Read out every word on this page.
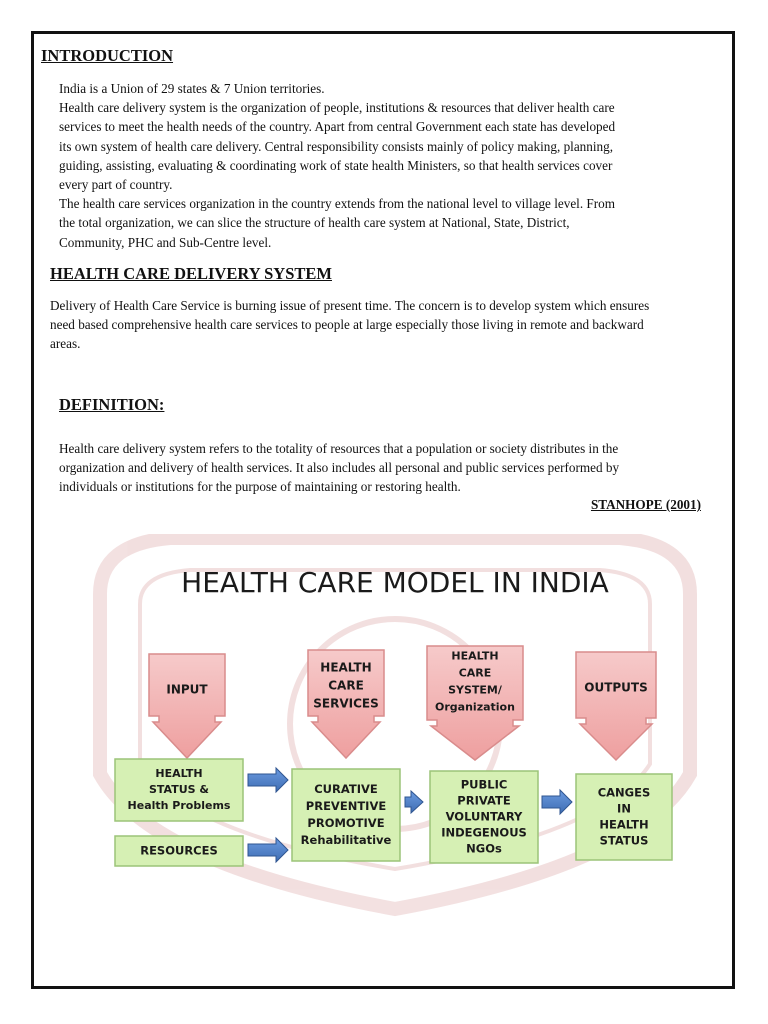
INTRODUCTION
India is a Union of 29 states & 7 Union territories.
Health care delivery system is the organization of people, institutions & resources that deliver health care
services to meet the health needs of the country. Apart from central Government each state has developed
its own system of health care delivery. Central responsibility consists mainly of policy making, planning,
guiding, assisting, evaluating & coordinating work of state health Ministers, so that health services cover
every part of country.
The health care services organization in the country extends from the national level to village level. From
the total organization, we can slice the structure of health care system at National, State, District,
Community, PHC and Sub-Centre level.
HEALTH CARE DELIVERY SYSTEM
Delivery of Health Care Service is burning issue of present time. The concern is to develop system which ensures
need based comprehensive health care services to people at large especially those living in remote and backward
areas.
DEFINITION:
Health care delivery system refers to the totality of resources that a population or society distributes in the
organization and delivery of health services. It also includes all personal and public services performed by
individuals or institutions for the purpose of maintaining or restoring health.
STANHOPE (2001)
HEALTH CARE MODEL IN INDIA
INPUT
HEALTH
CARE
SERVICES
HEALTH
CARE
SYSTEM/
Organization
OUTPUTS
HEALTH
STATUS &
Health Problems
RESOURCES
CURATIVE
PREVENTIVE
PROMOTIVE
Rehabilitative
PUBLIC
PRIVATE
VOLUNTARY
INDEGENOUS
NGOs
CANGES
IN
HEALTH
STATUS
